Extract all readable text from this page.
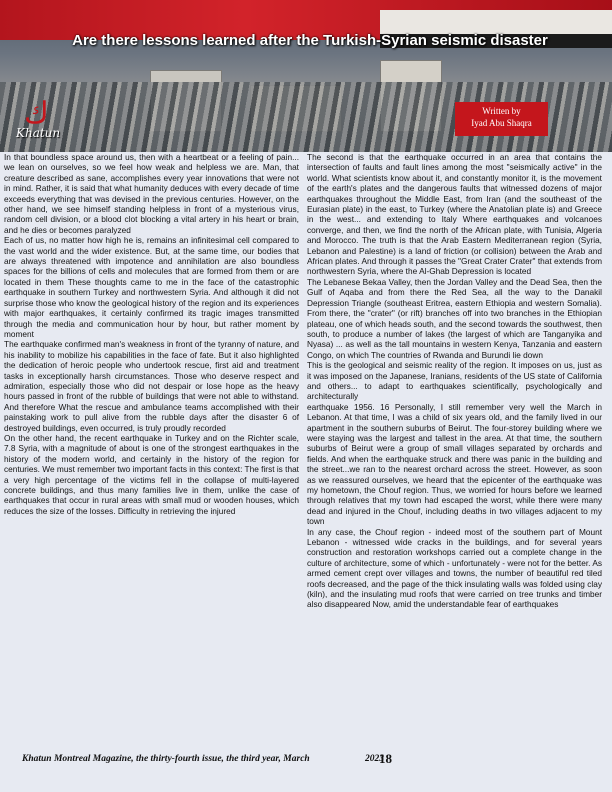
Are there lessons learned after the Turkish-Syrian seismic disaster
ك
Khatun
Written by
Iyad Abu Shaqra

In that boundless space around us, then with a heartbeat or a feeling of pain... we lean on ourselves, so we feel how weak and helpless we are. Man, that creature described as sane, accomplishes every year innovations that were not in mind. Rather, it is said that what humanity deduces with every decade of time exceeds everything that was devised in the previous centuries. However, on the other hand, we see himself standing helpless in front of a mysterious virus, random cell division, or a blood clot blocking a vital artery in his heart or brain, and he dies or becomes paralyzed

Each of us, no matter how high he is, remains an infinitesimal cell compared to the vast world and the wider existence. But, at the same time, our bodies that are always threatened with impotence and annihilation are also boundless spaces for the billions of cells and molecules that are formed from them or are located in them These thoughts came to me in the face of the catastrophic earthquake in southern Turkey and northwestern Syria. And although it did not surprise those who know the geological history of the region and its experiences with major earthquakes, it certainly confirmed its tragic images transmitted through the media and communication hour by hour, but rather moment by moment

The earthquake confirmed man's weakness in front of the tyranny of nature, and his inability to mobilize his capabilities in the face of fate. But it also highlighted the dedication of heroic people who undertook rescue, first aid and treatment tasks in exceptionally harsh circumstances. Those who deserve respect and admiration, especially those who did not despair or lose hope as the heavy hours passed in front of the rubble of buildings that were not able to withstand. And therefore What the rescue and ambulance teams accomplished with their painstaking work to pull alive from the rubble days after the disaster 6 of destroyed buildings, even occurred, is truly proudly recorded

On the other hand, the recent earthquake in Turkey and on the Richter scale, 7.8 Syria, with a magnitude of about is one of the strongest earthquakes in the history of the modern world, and certainly in the history of the region for centuries. We must remember two important facts in this context: The first is that a very high percentage of the victims fell in the collapse of multi-layered concrete buildings, and thus many families live in them, unlike the case of earthquakes that occur in rural areas with small mud or wooden houses, which reduces the size of the losses. Difficulty in retrieving the injured

The second is that the earthquake occurred in an area that contains the intersection of faults and fault lines among the most "seismically active" in the world. What scientists know about it, and constantly monitor it, is the movement of the earth's plates and the dangerous faults that witnessed dozens of major earthquakes throughout the Middle East, from Iran (and the southeast of the Eurasian plate) in the east, to Turkey (where the Anatolian plate is) and Greece in the west... and extending to Italy Where earthquakes and volcanoes converge, and then, we find the north of the African plate, with Tunisia, Algeria and Morocco. The truth is that the Arab Eastern Mediterranean region (Syria, Lebanon and Palestine) is a land of friction (or collision) between the Arab and African plates. And through it passes the "Great Crater Crater" that extends from northwestern Syria, where the Al-Ghab Depression is located

The Lebanese Bekaa Valley, then the Jordan Valley and the Dead Sea, then the Gulf of Aqaba and from there the Red Sea, all the way to the Danakil Depression Triangle (southeast Eritrea, eastern Ethiopia and western Somalia). From there, the "crater" (or rift) branches off into two branches in the Ethiopian plateau, one of which heads south, and the second towards the southwest, then south, to produce a number of lakes (the largest of which are Tanganyika and Nyasa) ... as well as the tall mountains in western Kenya, Tanzania and eastern Congo, on which The countries of Rwanda and Burundi lie down

This is the geological and seismic reality of the region. It imposes on us, just as it was imposed on the Japanese, Iranians, residents of the US state of California and others... to adapt to earthquakes scientifically, psychologically and architecturally

earthquake 1956. 16 Personally, I still remember very well the March in Lebanon. At that time, I was a child of six years old, and the family lived in our apartment in the southern suburbs of Beirut. The four-storey building where we were staying was the largest and tallest in the area. At that time, the southern suburbs of Beirut were a group of small villages separated by orchards and fields. And when the earthquake struck and there was panic in the building and the street...we ran to the nearest orchard across the street. However, as soon as we reassured ourselves, we heard that the epicenter of the earthquake was my hometown, the Chouf region. Thus, we worried for hours before we learned through relatives that my town had escaped the worst, while there were many dead and injured in the Chouf, including deaths in two villages adjacent to my town

In any case, the Chouf region - indeed most of the southern part of Mount Lebanon - witnessed wide cracks in the buildings, and for several years construction and restoration workshops carried out a complete change in the culture of architecture, some of which - unfortunately - were not for the better. As armed cement crept over villages and towns, the number of beautiful red tiled roofs decreased, and the page of the thick insulating walls was folded using clay (kiln), and the insulating mud roofs that were carried on tree trunks and timber also disappeared Now, amid the understandable fear of earthquakes

Khatun Montreal Magazine, the thirty-fourth issue, the third year, March	2023
18
